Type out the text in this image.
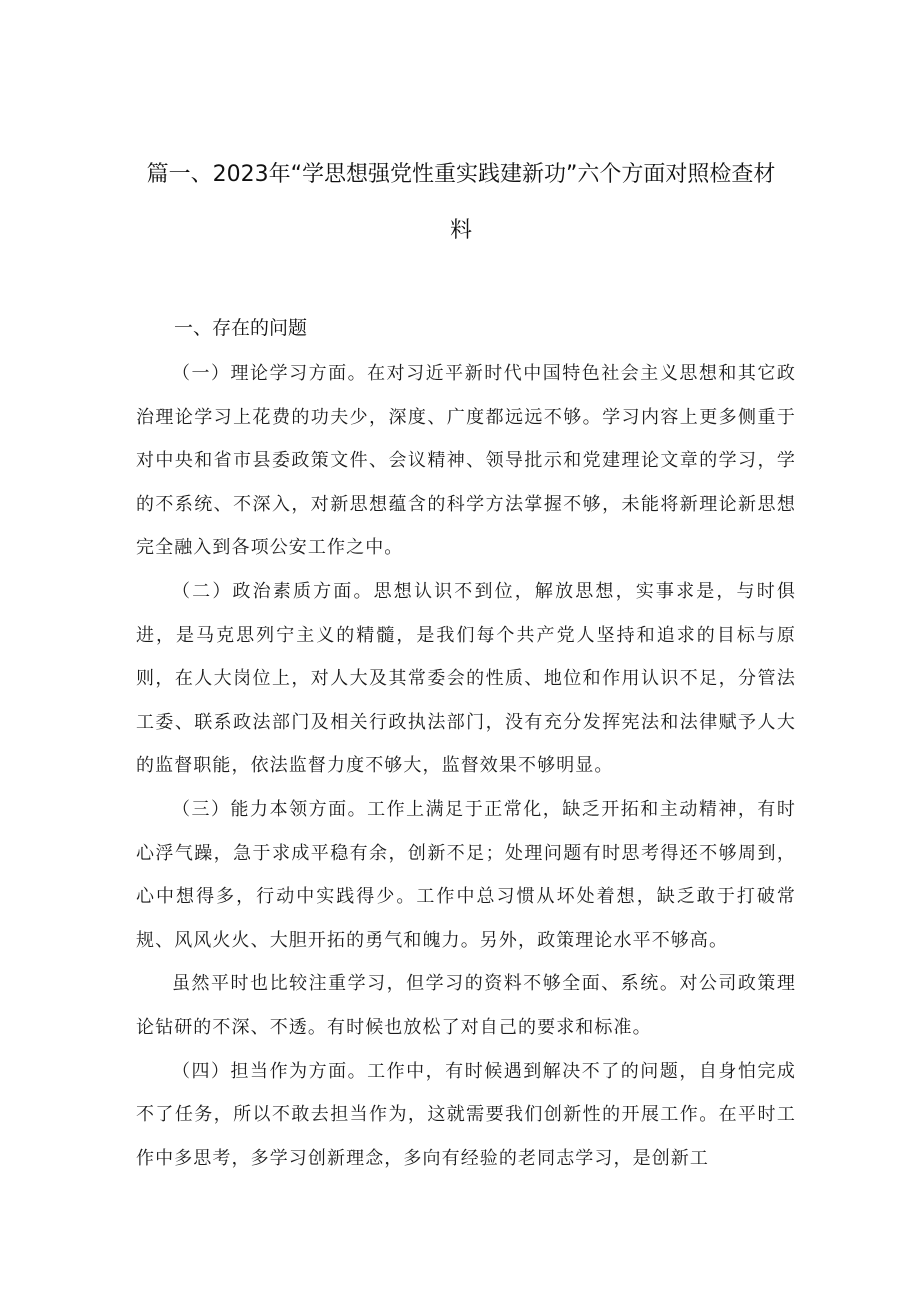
篇一、2023年“学思想强党性重实践建新功”六个方面对照检查材料
一、存在的问题

（一）理论学习方面。在对习近平新时代中国特色社会主义思想和其它政治理论学习上花费的功夫少，深度、广度都远远不够。学习内容上更多侧重于对中央和省市县委政策文件、会议精神、领导批示和党建理论文章的学习，学的不系统、不深入，对新思想蕴含的科学方法掌握不够，未能将新理论新思想完全融入到各项公安工作之中。

（二）政治素质方面。思想认识不到位，解放思想，实事求是，与时俱进，是马克思列宁主义的精髓，是我们每个共产党人坚持和追求的目标与原则，在人大岗位上，对人大及其常委会的性质、地位和作用认识不足，分管法工委、联系政法部门及相关行政执法部门，没有充分发挥宪法和法律赋予人大的监督职能，依法监督力度不够大，监督效果不够明显。

（三）能力本领方面。工作上满足于正常化，缺乏开拓和主动精神，有时心浮气躁，急于求成平稳有余，创新不足；处理问题有时思考得还不够周到，心中想得多，行动中实践得少。工作中总习惯从坏处着想，缺乏敢于打破常规、风风火火、大胆开拓的勇气和魄力。另外，政策理论水平不够高。

虽然平时也比较注重学习，但学习的资料不够全面、系统。对公司政策理论钻研的不深、不透。有时候也放松了对自己的要求和标准。

（四）担当作为方面。工作中，有时候遇到解决不了的问题，自身怕完成不了任务，所以不敢去担当作为，这就需要我们创新性的开展工作。在平时工作中多思考，多学习创新理念，多向有经验的老同志学习，是创新工
